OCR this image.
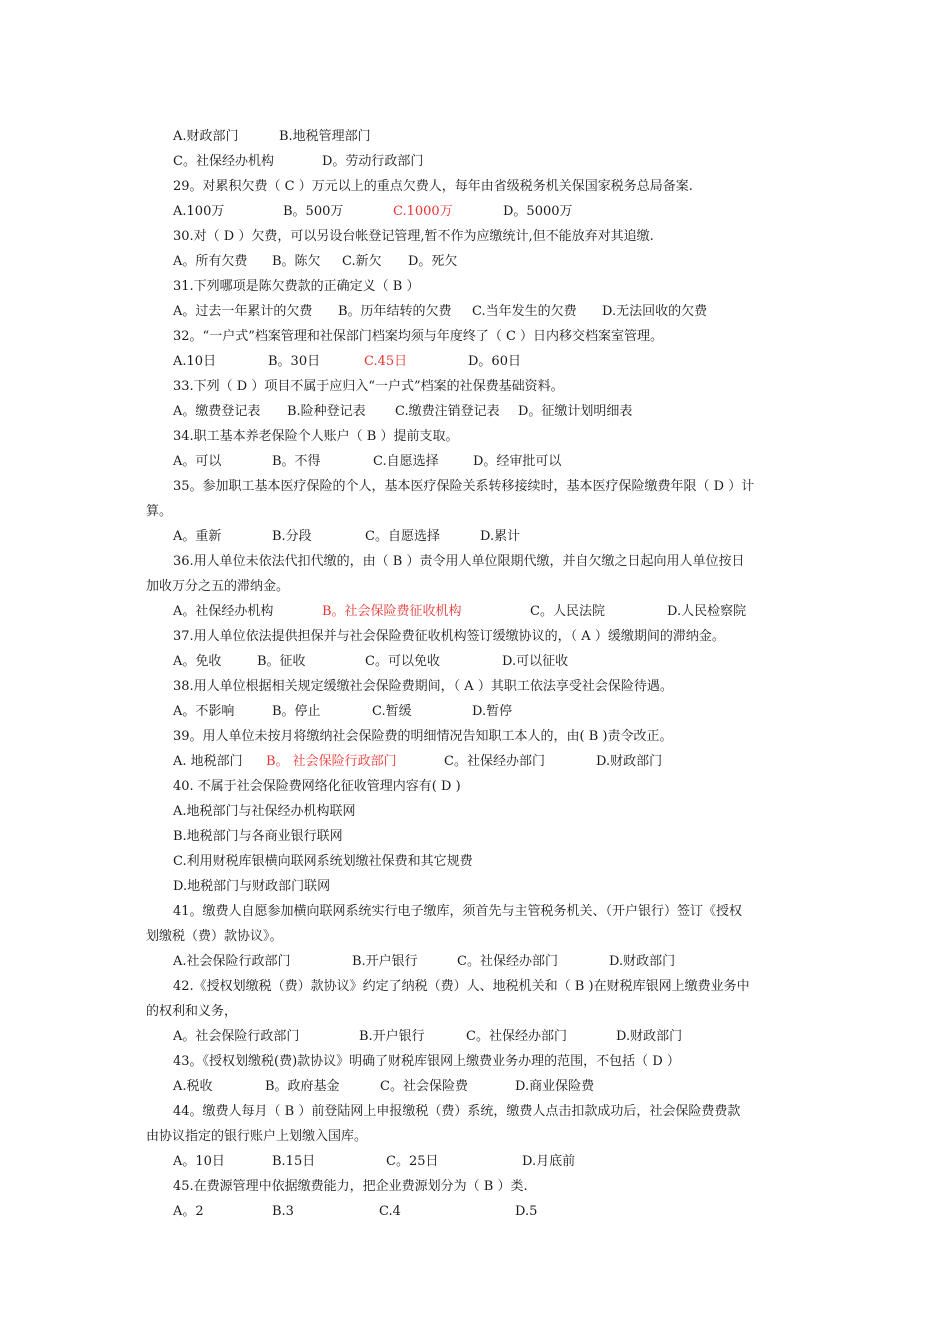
A.财政部门	B.地税管理部门
C。社保经办机构	D。劳动行政部门
29。对累积欠费（ C ）万元以上的重点欠费人，每年由省级税务机关保国家税务总局备案.
A.100万	B。500万	C.1000万	D。5000万
30.对（ D ）欠费，可以另设台帐登记管理,暂不作为应缴统计,但不能放弃对其追缴.
A。所有欠费 B。陈欠 C.新欠 D。死欠
31.下列哪项是陈欠费款的正确定义（ B ）
A。过去一年累计的欠费 B。历年结转的欠费 C.当年发生的欠费 D.无法回收的欠费
32。“一户式”档案管理和社保部门档案均须与年度终了（ C ）日内移交档案室管理。
A.10日	B。30日	C.45日	D。60日
33.下列（ D ）项目不属于应归入“一户式”档案的社保费基础资料。
A。缴费登记表 B.险种登记表 C.缴费注销登记表 D。征缴计划明细表
34.职工基本养老保险个人账户（ B ）提前支取。
A。可以	B。不得	C.自愿选择	D。经审批可以
35。参加职工基本医疗保险的个人，基本医疗保险关系转移接续时，基本医疗保险缴费年限（ D ）计
算。
A。重新	B.分段	C。自愿选择	D.累计
36.用人单位未依法代扣代缴的，由（ B ）责令用人单位限期代缴，并自欠缴之日起向用人单位按日
加收万分之五的滞纳金。
A。社保经办机构	B。社会保险费征收机构	C。人民法院	D.人民检察院
37.用人单位依法提供担保并与社会保险费征收机构签订缓缴协议的，（ A ）缓缴期间的滞纳金。
A。免收	B。征收	C。可以免收	D.可以征收
38.用人单位根据相关规定缓缴社会保险费期间，（ A ）其职工依法享受社会保险待遇。
A。不影响	B。停止	C.暂缓	D.暂停
39。用人单位未按月将缴纳社会保险费的明细情况告知职工本人的，由( B )责令改正。
A. 地税部门 B。 社会保险行政部门	C。社保经办部门	D.财政部门
40. 不属于社会保险费网络化征收管理内容有( D )
A.地税部门与社保经办机构联网
B.地税部门与各商业银行联网
C.利用财税库银横向联网系统划缴社保费和其它规费
D.地税部门与财政部门联网
41。缴费人自愿参加横向联网系统实行电子缴库，须首先与主管税务机关、（开户银行）签订《授权
划缴税（费）款协议》。
A.社会保险行政部门	B.开户银行	C。社保经办部门	D.财政部门
42.《授权划缴税（费）款协议》约定了纳税（费）人、地税机关和（ B )在财税库银网上缴费业务中
的权利和义务，
A。社会保险行政部门	B.开户银行	C。社保经办部门	D.财政部门
43。《授权划缴税(费)款协议》明确了财税库银网上缴费业务办理的范围，不包括（ D ）
A.税收	B。政府基金	C。社会保险费	D.商业保险费
44。缴费人每月（ B ）前登陆网上申报缴税（费）系统，缴费人点击扣款成功后，社会保险费费款
由协议指定的银行账户上划缴入国库。
A。10日	B.15日	C。25日	D.月底前
45.在费源管理中依据缴费能力，把企业费源划分为（ B ）类.
A。2	B.3	C.4	D.5
